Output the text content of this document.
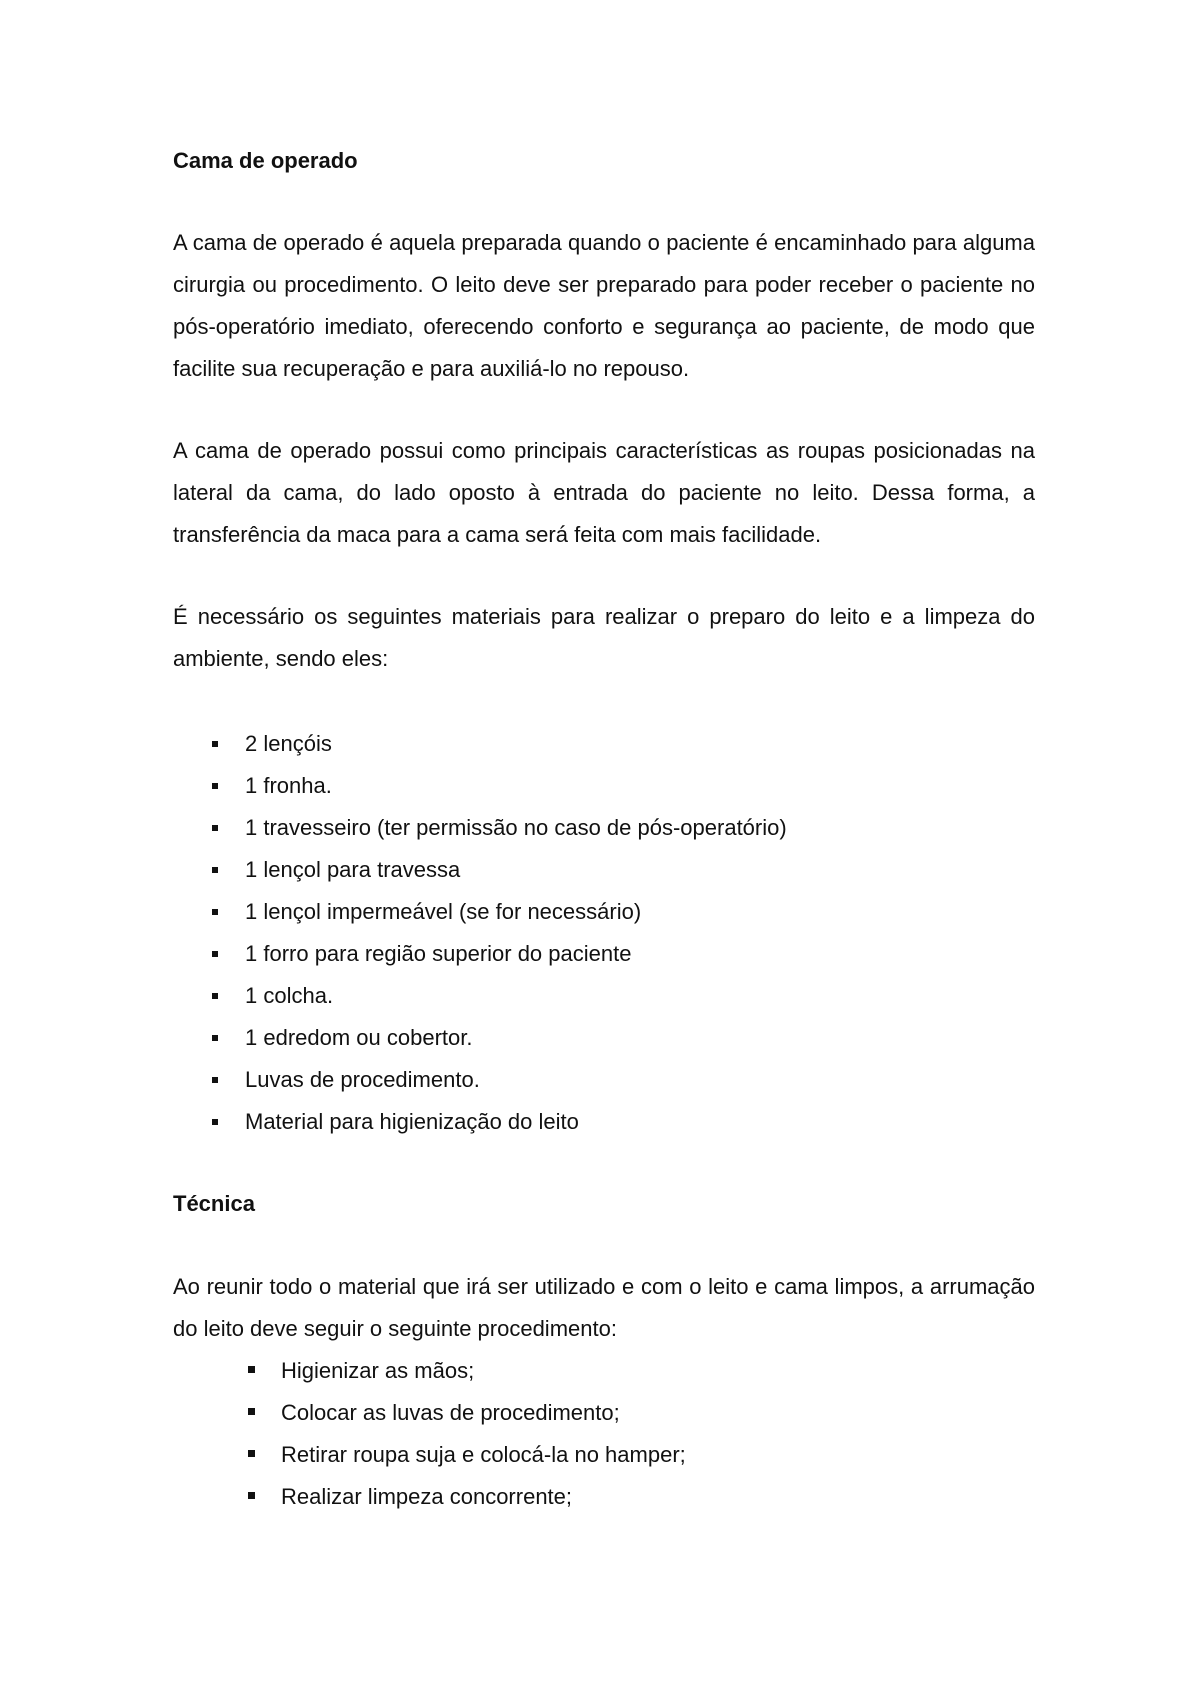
Cama de operado

A cama de operado é aquela preparada quando o paciente é encaminhado para alguma cirurgia ou procedimento. O leito deve ser preparado para poder receber o paciente no pós-operatório imediato, oferecendo conforto e segurança ao paciente, de modo que facilite sua recuperação e para auxiliá-lo no repouso.

A cama de operado possui como principais características as roupas posicionadas na lateral da cama, do lado oposto à entrada do paciente no leito. Dessa forma, a transferência da maca para a cama será feita com mais facilidade.

É necessário os seguintes materiais para realizar o preparo do leito e a limpeza do ambiente, sendo eles:

2 lençóis
1 fronha.
1 travesseiro (ter permissão no caso de pós-operatório)
1 lençol para travessa
1 lençol impermeável (se for necessário)
1 forro para região superior do paciente
1 colcha.
1 edredom ou cobertor.
Luvas de procedimento.
Material para higienização do leito
Técnica

Ao reunir todo o material que irá ser utilizado e com o leito e cama limpos, a arrumação do leito deve seguir o seguinte procedimento:

Higienizar as mãos;
Colocar as luvas de procedimento;
Retirar roupa suja e colocá-la no hamper;
Realizar limpeza concorrente;
